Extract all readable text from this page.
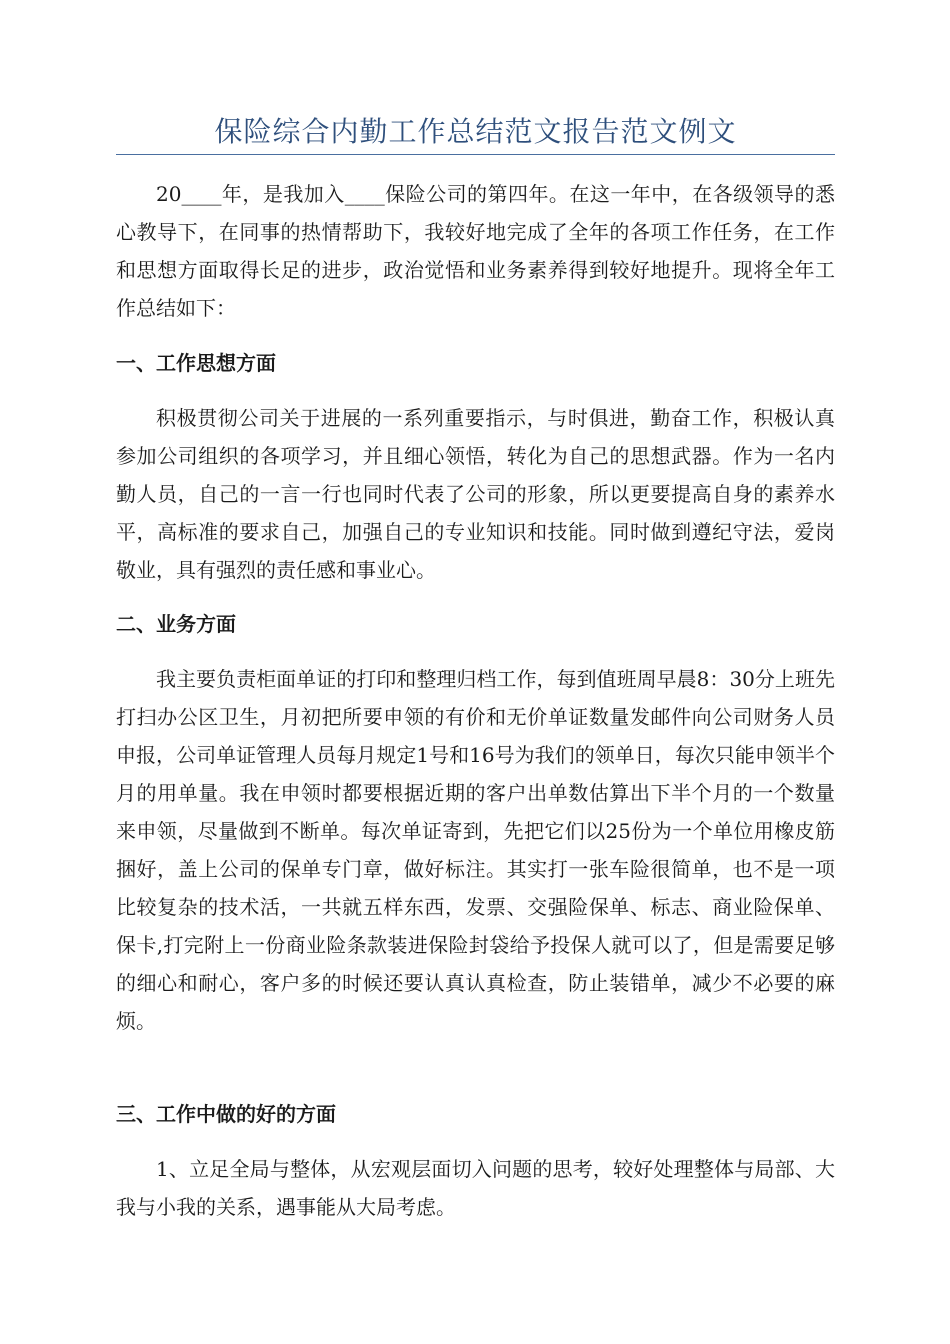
保险综合内勤工作总结范文报告范文例文
20____年，是我加入____保险公司的第四年。在这一年中，在各级领导的悉心教导下，在同事的热情帮助下，我较好地完成了全年的各项工作任务，在工作和思想方面取得长足的进步，政治觉悟和业务素养得到较好地提升。现将全年工作总结如下：
一、工作思想方面
积极贯彻公司关于进展的一系列重要指示，与时俱进，勤奋工作，积极认真参加公司组织的各项学习，并且细心领悟，转化为自己的思想武器。作为一名内勤人员，自己的一言一行也同时代表了公司的形象，所以更要提高自身的素养水平，高标准的要求自己，加强自己的专业知识和技能。同时做到遵纪守法，爱岗敬业，具有强烈的责任感和事业心。
二、业务方面
我主要负责柜面单证的打印和整理归档工作，每到值班周早晨8：30分上班先打扫办公区卫生，月初把所要申领的有价和无价单证数量发邮件向公司财务人员申报，公司单证管理人员每月规定1号和16号为我们的领单日，每次只能申领半个月的用单量。我在申领时都要根据近期的客户出单数估算出下半个月的一个数量来申领，尽量做到不断单。每次单证寄到，先把它们以25份为一个单位用橡皮筋捆好，盖上公司的保单专门章，做好标注。其实打一张车险很简单，也不是一项比较复杂的技术活，一共就五样东西，发票、交强险保单、标志、商业险保单、保卡,打完附上一份商业险条款装进保险封袋给予投保人就可以了，但是需要足够的细心和耐心，客户多的时候还要认真认真检查，防止装错单，减少不必要的麻烦。
三、工作中做的好的方面
1、立足全局与整体，从宏观层面切入问题的思考，较好处理整体与局部、大我与小我的关系，遇事能从大局考虑。
